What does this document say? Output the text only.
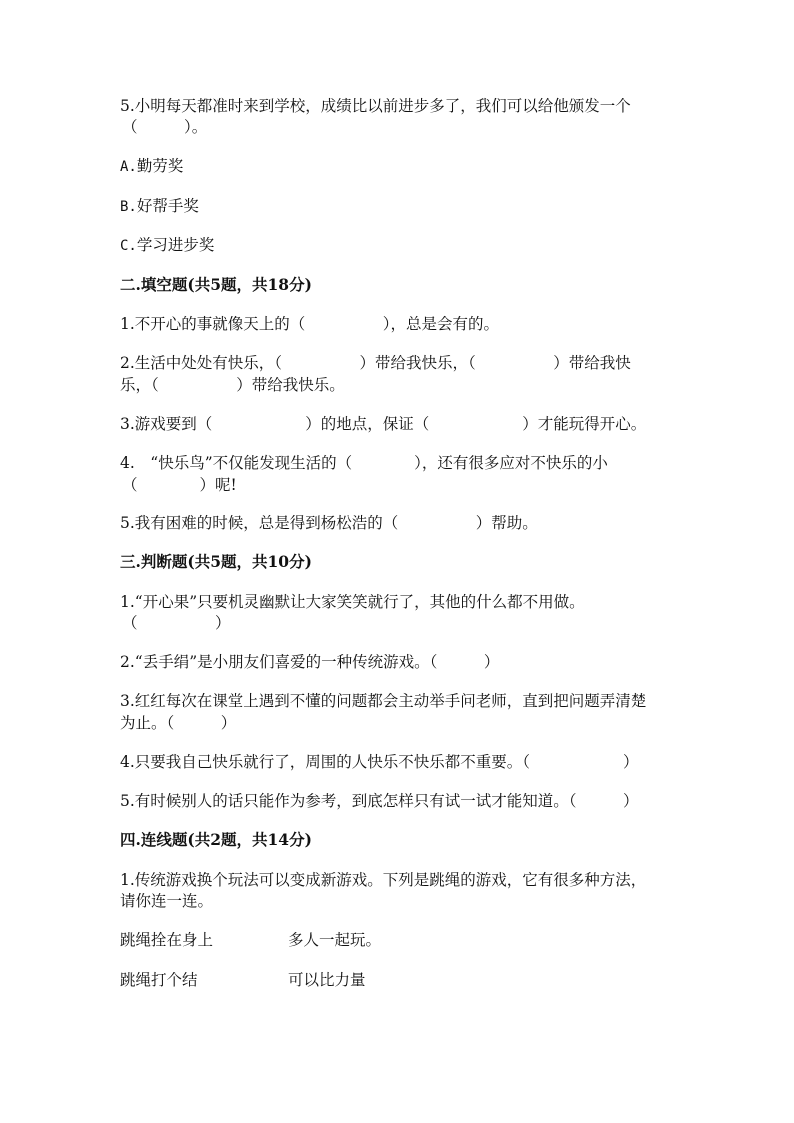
5.小明每天都准时来到学校，成绩比以前进步多了，我们可以给他颁发一个
（　　　）。
A.勤劳奖
B.好帮手奖
C.学习进步奖
二.填空题(共5题，共18分)
1.不开心的事就像天上的（　　　　　），总是会有的。
2.生活中处处有快乐，（　　　　　）带给我快乐，（　　　　　）带给我快
乐，（　　　　　）带给我快乐。
3.游戏要到（　　　　　　）的地点，保证（　　　　　　）才能玩得开心。
4.　“快乐鸟”不仅能发现生活的（　　　　），还有很多应对不快乐的小
（　　　　）呢!
5.我有困难的时候，总是得到杨松浩的（　　　　　）帮助。
三.判断题(共5题，共10分)
1.“开心果”只要机灵幽默让大家笑笑就行了，其他的什么都不用做。
（　　　　　）
2.“丢手绢”是小朋友们喜爱的一种传统游戏。（　　　）
3.红红每次在课堂上遇到不懂的问题都会主动举手问老师，直到把问题弄清楚
为止。（　　　）
4.只要我自己快乐就行了，周围的人快乐不快乐都不重要。（　　　　　　）
5.有时候别人的话只能作为参考，到底怎样只有试一试才能知道。（　　　）
四.连线题(共2题，共14分)
1.传统游戏换个玩法可以变成新游戏。下列是跳绳的游戏，它有很多种方法，
请你连一连。
跳绳拴在身上	多人一起玩。
跳绳打个结	可以比力量
